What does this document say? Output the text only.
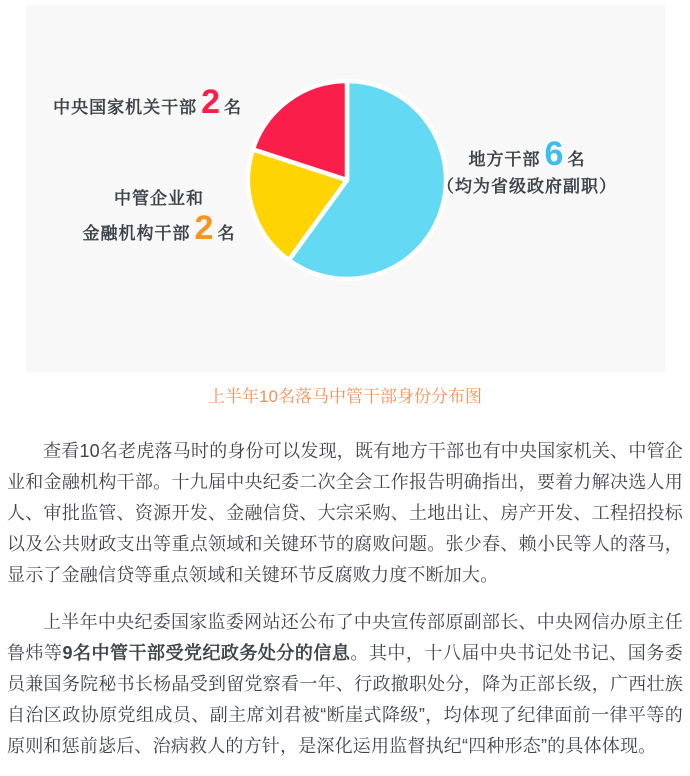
中央国家机关干部 2 名
中管企业和
金融机构干部 2 名
地方干部 6 名
（均为省级政府副职）
上半年10名落马中管干部身份分布图

查看10名老虎落马时的身份可以发现，既有地方干部也有中央国家机关、中管企业和金融机构干部。十九届中央纪委二次全会工作报告明确指出，要着力解决选人用人、审批监管、资源开发、金融信贷、大宗采购、土地出让、房产开发、工程招投标以及公共财政支出等重点领域和关键环节的腐败问题。张少春、赖小民等人的落马，显示了金融信贷等重点领域和关键环节反腐败力度不断加大。

上半年中央纪委国家监委网站还公布了中央宣传部原副部长、中央网信办原主任鲁炜等9名中管干部受党纪政务处分的信息。其中，十八届中央书记处书记、国务委员兼国务院秘书长杨晶受到留党察看一年、行政撤职处分，降为正部长级，广西壮族自治区政协原党组成员、副主席刘君被“断崖式降级”，均体现了纪律面前一律平等的原则和惩前毖后、治病救人的方针，是深化运用监督执纪“四种形态”的具体体现。
